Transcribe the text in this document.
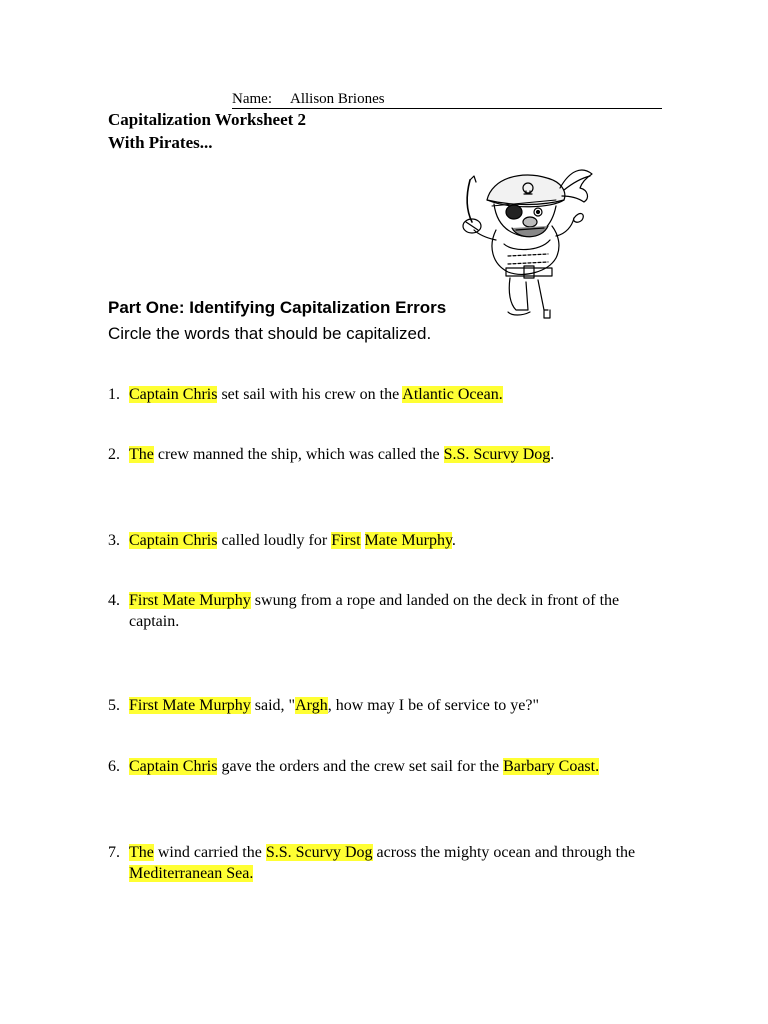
Name: Allison Briones
Capitalization Worksheet 2
With Pirates...
Part One: Identifying Capitalization Errors
Circle the words that should be capitalized.
1. Captain Chris set sail with his crew on the Atlantic Ocean.
2. The crew manned the ship, which was called the S.S. Scurvy Dog.
3. Captain Chris called loudly for First Mate Murphy.
4. First Mate Murphy swung from a rope and landed on the deck in front of the captain.
5. First Mate Murphy said, "Argh, how may I be of service to ye?"
6. Captain Chris gave the orders and the crew set sail for the Barbary Coast.
7. The wind carried the S.S. Scurvy Dog across the mighty ocean and through the Mediterranean Sea.
